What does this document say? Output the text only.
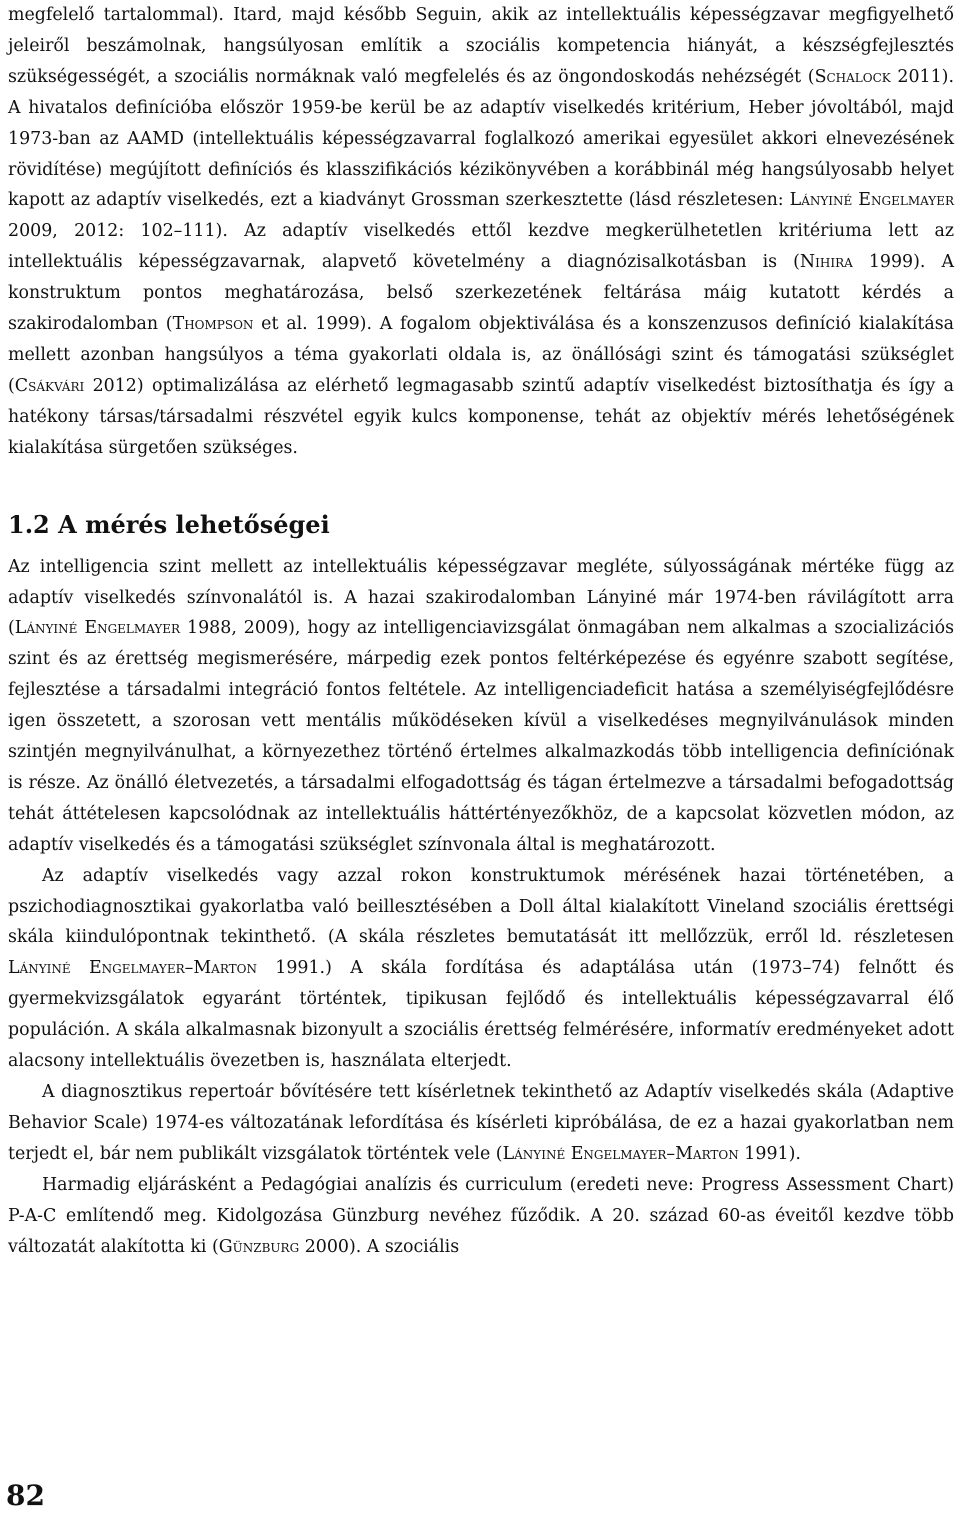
megfelelő tartalommal). Itard, majd később Seguin, akik az intellektuális képességzavar megfigyelhető jeleiről beszámolnak, hangsúlyosan említik a szociális kompetencia hiányát, a készségfejlesztés szükségességét, a szociális normáknak való megfelelés és az öngondoskodás nehézségét (Schalock 2011). A hivatalos definícióba először 1959-be kerül be az adaptív viselkedés kritérium, Heber jóvoltából, majd 1973-ban az AAMD (intellektuális képességzavarral foglalkozó amerikai egyesület akkori elnevezésének rövidítése) megújított definíciós és klasszifikációs kézikönyvében a korábbinál még hangsúlyosabb helyet kapott az adaptív viselkedés, ezt a kiadványt Grossman szerkesztette (lásd részletesen: Lányiné Engelmayer 2009, 2012: 102–111). Az adaptív viselkedés ettől kezdve megkerülhetetlen kritériuma lett az intellektuális képességzavarnak, alapvető követelmény a diagnózisalkotásban is (Nihira 1999). A konstruktum pontos meghatározása, belső szerkezetének feltárása máig kutatott kérdés a szakirodalomban (Thompson et al. 1999). A fogalom objektiválása és a konszenzusos definíció kialakítása mellett azonban hangsúlyos a téma gyakorlati oldala is, az önállósági szint és támogatási szükséglet (Csákvári 2012) optimalizálása az elérhető legmagasabb szintű adaptív viselkedést biztosíthatja és így a hatékony társas/társadalmi részvétel egyik kulcs komponense, tehát az objektív mérés lehetőségének kialakítása sürgetően szükséges.

1.2 A mérés lehetőségei

Az intelligencia szint mellett az intellektuális képességzavar megléte, súlyosságának mértéke függ az adaptív viselkedés színvonalától is. A hazai szakirodalomban Lányiné már 1974-ben rávilágított arra (Lányiné Engelmayer 1988, 2009), hogy az intelligenciavizsgálat önmagában nem alkalmas a szocializációs szint és az érettség megismerésére, márpedig ezek pontos feltérképezése és egyénre szabott segítése, fejlesztése a társadalmi integráció fontos feltétele. Az intelligenciadeficit hatása a személyiségfejlődésre igen összetett, a szorosan vett mentális működéseken kívül a viselkedéses megnyilvánulások minden szintjén megnyilvánulhat, a környezethez történő értelmes alkalmazkodás több intelligencia definíciónak is része. Az önálló életvezetés, a társadalmi elfogadottság és tágan értelmezve a társadalmi befogadottság tehát áttételesen kapcsolódnak az intellektuális háttértényezőkhöz, de a kapcsolat közvetlen módon, az adaptív viselkedés és a támogatási szükséglet színvonala által is meghatározott.

Az adaptív viselkedés vagy azzal rokon konstruktumok mérésének hazai történetében, a pszichodiagnosztikai gyakorlatba való beillesztésében a Doll által kialakított Vineland szociális érettségi skála kiindulópontnak tekinthető. (A skála részletes bemutatását itt mellőzzük, erről ld. részletesen Lányiné Engelmayer–Marton 1991.) A skála fordítása és adaptálása után (1973–74) felnőtt és gyermekvizsgálatok egyaránt történtek, tipikusan fejlődő és intellektuális képességzavarral élő populáción. A skála alkalmasnak bizonyult a szociális érettség felmérésére, informatív eredményeket adott alacsony intellektuális övezetben is, használata elterjedt.

A diagnosztikus repertoár bővítésére tett kísérletnek tekinthető az Adaptív viselkedés skála (Adaptive Behavior Scale) 1974-es változatának lefordítása és kísérleti kipróbálása, de ez a hazai gyakorlatban nem terjedt el, bár nem publikált vizsgálatok történtek vele (Lányiné Engelmayer–Marton 1991).

Harmadig eljárásként a Pedagógiai analízis és curriculum (eredeti neve: Progress Assessment Chart) P-A-C említendő meg. Kidolgozása Günzburg nevéhez fűződik. A 20. század 60-as éveitől kezdve több változatát alakította ki (Günzburg 2000). A szociális

82
